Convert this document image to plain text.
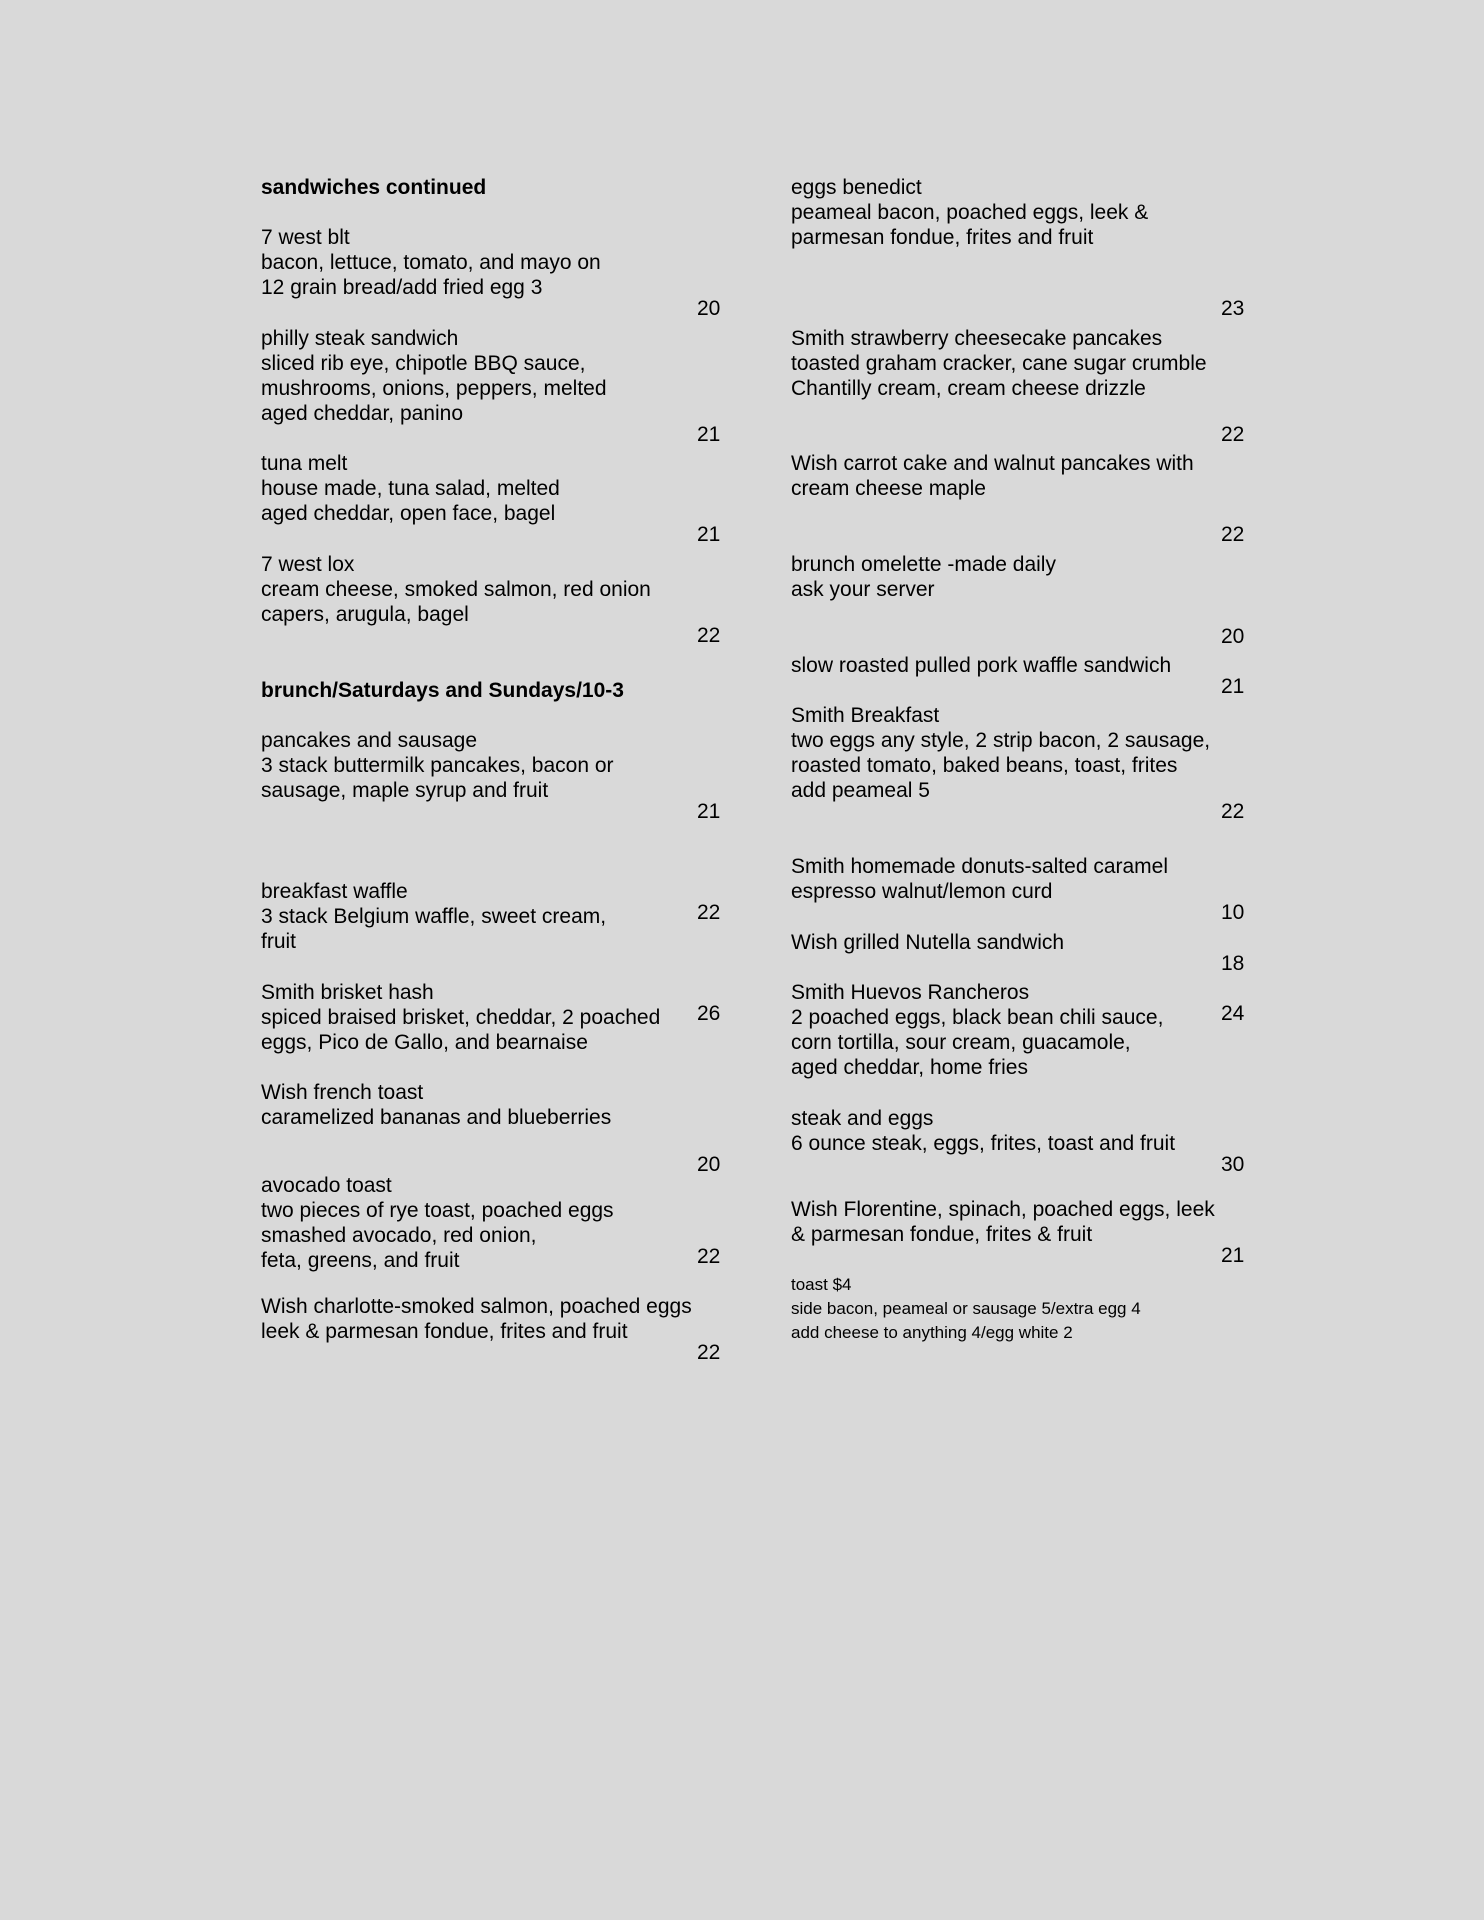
sandwiches continued

7 west blt

bacon, lettuce, tomato, and mayo on

12 grain bread/add fried egg 3

20

philly steak sandwich

sliced rib eye, chipotle BBQ sauce,

mushrooms, onions, peppers, melted

aged cheddar, panino

21

tuna melt

house made, tuna salad, melted

aged cheddar, open face, bagel

21

7 west lox

cream cheese, smoked salmon, red onion

capers, arugula, bagel

22

brunch/Saturdays and Sundays/10-3

pancakes and sausage

3 stack buttermilk pancakes, bacon or

sausage, maple syrup and fruit

21

breakfast waffle

22

3 stack Belgium waffle, sweet cream,

fruit

Smith brisket hash

26

spiced braised brisket, cheddar, 2 poached

eggs, Pico de Gallo, and bearnaise

Wish french toast

caramelized bananas and blueberries

20

avocado toast

two pieces of rye toast, poached eggs

smashed avocado, red onion,

22

feta, greens, and fruit

Wish charlotte-smoked salmon, poached eggs

leek & parmesan fondue, frites and fruit

22

eggs benedict

peameal bacon, poached eggs, leek &

parmesan fondue, frites and fruit

23

Smith strawberry cheesecake pancakes

toasted graham cracker, cane sugar crumble

Chantilly cream, cream cheese drizzle

22

Wish carrot cake and walnut pancakes with

cream cheese maple

22

brunch omelette -made daily

ask your server

20

slow roasted pulled pork waffle sandwich

21

Smith Breakfast

two eggs any style, 2 strip bacon, 2 sausage,

roasted tomato, baked beans, toast, frites

add peameal 5

22

Smith homemade donuts-salted caramel

espresso walnut/lemon curd

10

Wish grilled Nutella sandwich

18

Smith Huevos Rancheros

24

2 poached eggs, black bean chili sauce,

corn tortilla, sour cream, guacamole,

aged cheddar, home fries

steak and eggs

6 ounce steak, eggs, frites, toast and fruit

30

Wish Florentine, spinach, poached eggs, leek

& parmesan fondue, frites & fruit

21

toast $4

side bacon, peameal or sausage 5/extra egg 4

add cheese to anything 4/egg white 2
